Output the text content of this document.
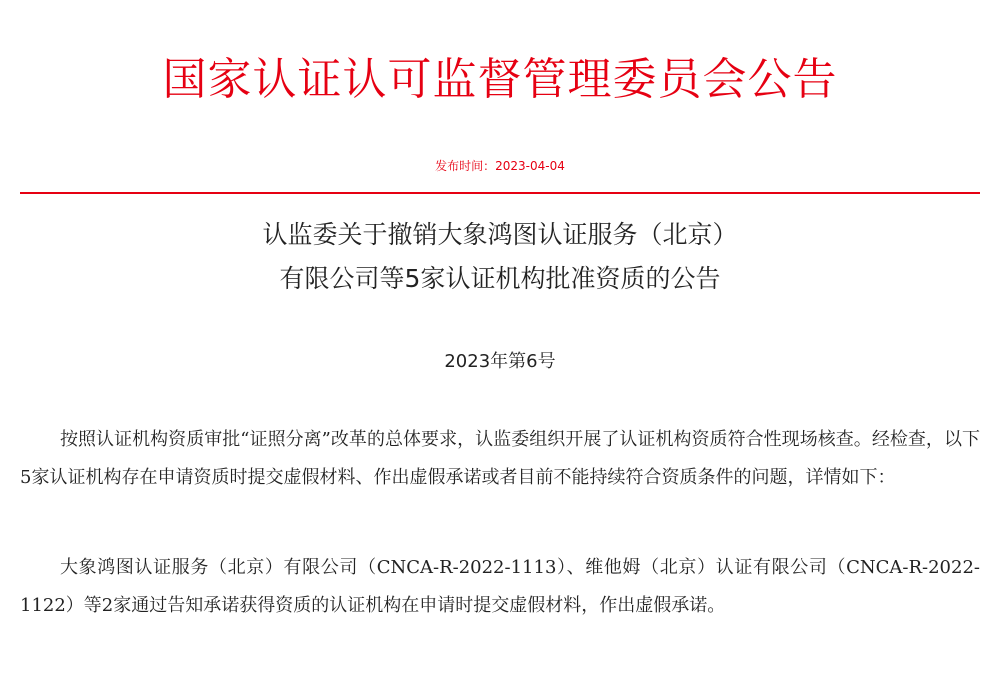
国家认证认可监督管理委员会公告
发布时间：2023-04-04
认监委关于撤销大象鸿图认证服务（北京）
有限公司等5家认证机构批准资质的公告
2023年第6号

按照认证机构资质审批“证照分离”改革的总体要求，认监委组织开展了认证机构资质符合性现场核查。经检查，以下5家认证机构存在申请资质时提交虚假材料、作出虚假承诺或者目前不能持续符合资质条件的问题，详情如下：

大象鸿图认证服务（北京）有限公司（CNCA-R-2022-1113）、维他姆（北京）认证有限公司（CNCA-R-2022-1122）等2家通过告知承诺获得资质的认证机构在申请时提交虚假材料，作出虚假承诺。
